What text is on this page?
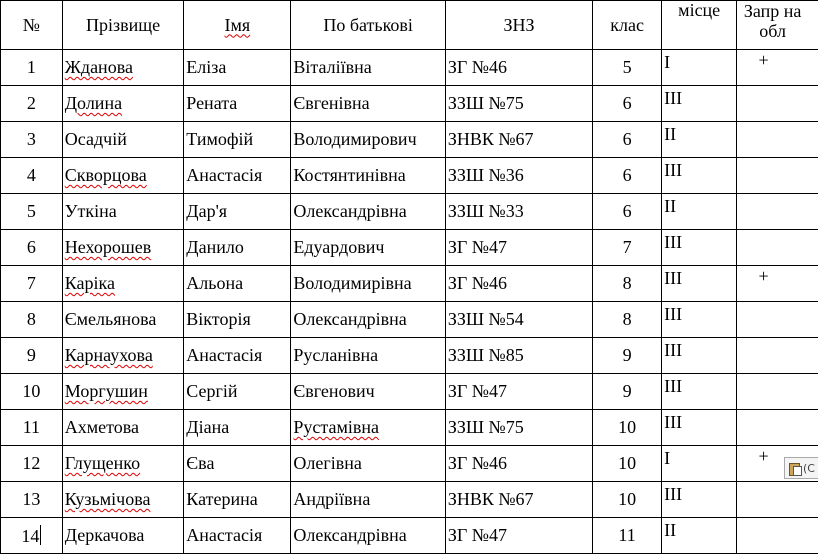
№	Прізвище	Імя	По батькові	ЗНЗ	клас	місце	Запр на обл
1	Жданова	Еліза	Віталіївна	ЗГ №46	5	I	+
2	Долина	Рената	Євгенівна	ЗЗШ №75	6	III	
3	Осадчій	Тимофій	Володимирович	ЗНВК №67	6	II	
4	Скворцова	Анастасія	Костянтинівна	ЗЗШ №36	6	III	
5	Уткіна	Дар'я	Олександрівна	ЗЗШ №33	6	II	
6	Нехорошев	Данило	Едуардович	ЗГ №47	7	III	
7	Каріка	Альона	Володимирівна	ЗГ №46	8	III	+
8	Ємельянова	Вікторія	Олександрівна	ЗЗШ №54	8	III	
9	Карнаухова	Анастасія	Русланівна	ЗЗШ №85	9	III	
10	Моргушин	Сергій	Євгенович	ЗГ №47	9	III	
11	Ахметова	Діана	Рустамівна	ЗЗШ №75	10	III	
12	Глущенко	Єва	Олегівна	ЗГ №46	10	I	+
13	Кузьмічова	Катерина	Андріївна	ЗНВК №67	10	III	
14	Деркачова	Анастасія	Олександрівна	ЗГ №47	11	II	
(C
